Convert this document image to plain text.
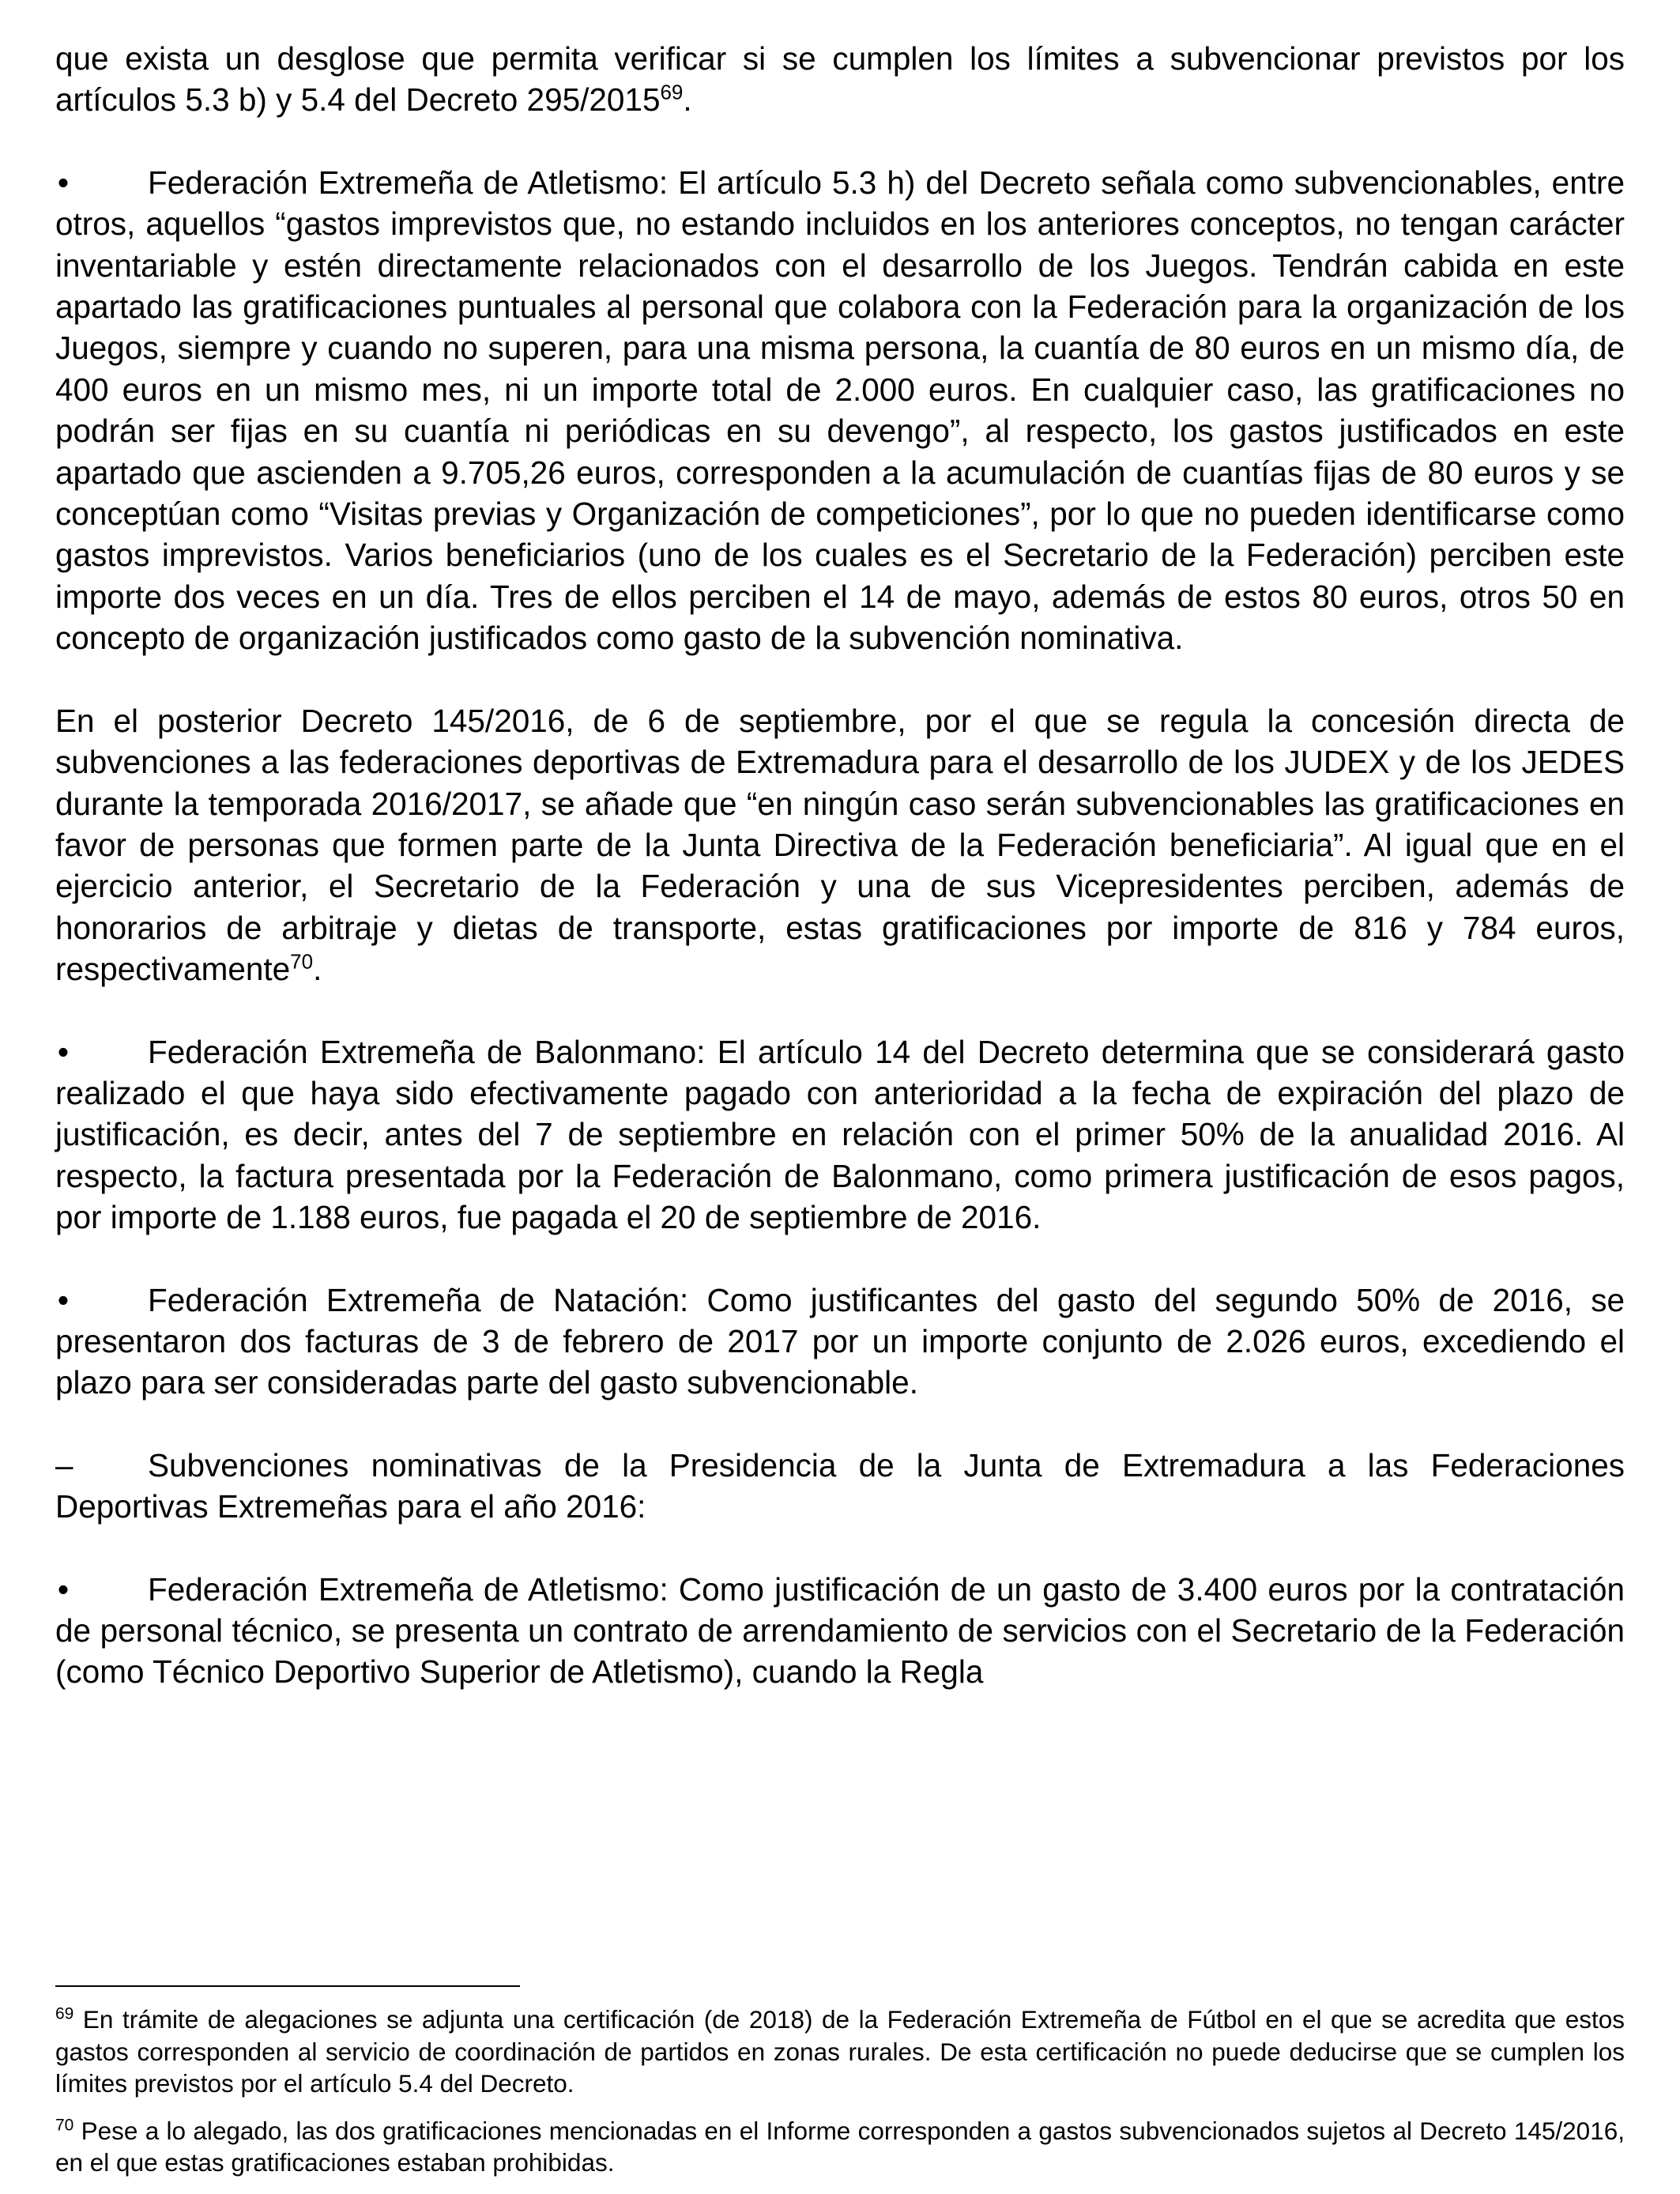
que exista un desglose que permita verificar si se cumplen los límites a subvencionar previstos por los artículos 5.3 b) y 5.4 del Decreto 295/2015$^{69}$.

• Federación Extremeña de Atletismo: El artículo 5.3 h) del Decreto señala como subvencionables, entre otros, aquellos “gastos imprevistos que, no estando incluidos en los anteriores conceptos, no tengan carácter inventariable y estén directamente relacionados con el desarrollo de los Juegos. Tendrán cabida en este apartado las gratificaciones puntuales al personal que colabora con la Federación para la organización de los Juegos, siempre y cuando no superen, para una misma persona, la cuantía de 80 euros en un mismo día, de 400 euros en un mismo mes, ni un importe total de 2.000 euros. En cualquier caso, las gratificaciones no podrán ser fijas en su cuantía ni periódicas en su devengo”, al respecto, los gastos justificados en este apartado que ascienden a 9.705,26 euros, corresponden a la acumulación de cuantías fijas de 80 euros y se conceptúan como “Visitas previas y Organización de competiciones”, por lo que no pueden identificarse como gastos imprevistos. Varios beneficiarios (uno de los cuales es el Secretario de la Federación) perciben este importe dos veces en un día. Tres de ellos perciben el 14 de mayo, además de estos 80 euros, otros 50 en concepto de organización justificados como gasto de la subvención nominativa.

En el posterior Decreto 145/2016, de 6 de septiembre, por el que se regula la concesión directa de subvenciones a las federaciones deportivas de Extremadura para el desarrollo de los JUDEX y de los JEDES durante la temporada 2016/2017, se añade que “en ningún caso serán subvencionables las gratificaciones en favor de personas que formen parte de la Junta Directiva de la Federación beneficiaria”. Al igual que en el ejercicio anterior, el Secretario de la Federación y una de sus Vicepresidentes perciben, además de honorarios de arbitraje y dietas de transporte, estas gratificaciones por importe de 816 y 784 euros, respectivamente$^{70}$.

• Federación Extremeña de Balonmano: El artículo 14 del Decreto determina que se considerará gasto realizado el que haya sido efectivamente pagado con anterioridad a la fecha de expiración del plazo de justificación, es decir, antes del 7 de septiembre en relación con el primer 50% de la anualidad 2016. Al respecto, la factura presentada por la Federación de Balonmano, como primera justificación de esos pagos, por importe de 1.188 euros, fue pagada el 20 de septiembre de 2016.

• Federación Extremeña de Natación: Como justificantes del gasto del segundo 50% de 2016, se presentaron dos facturas de 3 de febrero de 2017 por un importe conjunto de 2.026 euros, excediendo el plazo para ser consideradas parte del gasto subvencionable.

– Subvenciones nominativas de la Presidencia de la Junta de Extremadura a las Federaciones Deportivas Extremeñas para el año 2016:

• Federación Extremeña de Atletismo: Como justificación de un gasto de 3.400 euros por la contratación de personal técnico, se presenta un contrato de arrendamiento de servicios con el Secretario de la Federación (como Técnico Deportivo Superior de Atletismo), cuando la Regla

$^{69}$ En trámite de alegaciones se adjunta una certificación (de 2018) de la Federación Extremeña de Fútbol en el que se acredita que estos gastos corresponden al servicio de coordinación de partidos en zonas rurales. De esta certificación no puede deducirse que se cumplen los límites previstos por el artículo 5.4 del Decreto.

$^{70}$ Pese a lo alegado, las dos gratificaciones mencionadas en el Informe corresponden a gastos subvencionados sujetos al Decreto 145/2016, en el que estas gratificaciones estaban prohibidas.
